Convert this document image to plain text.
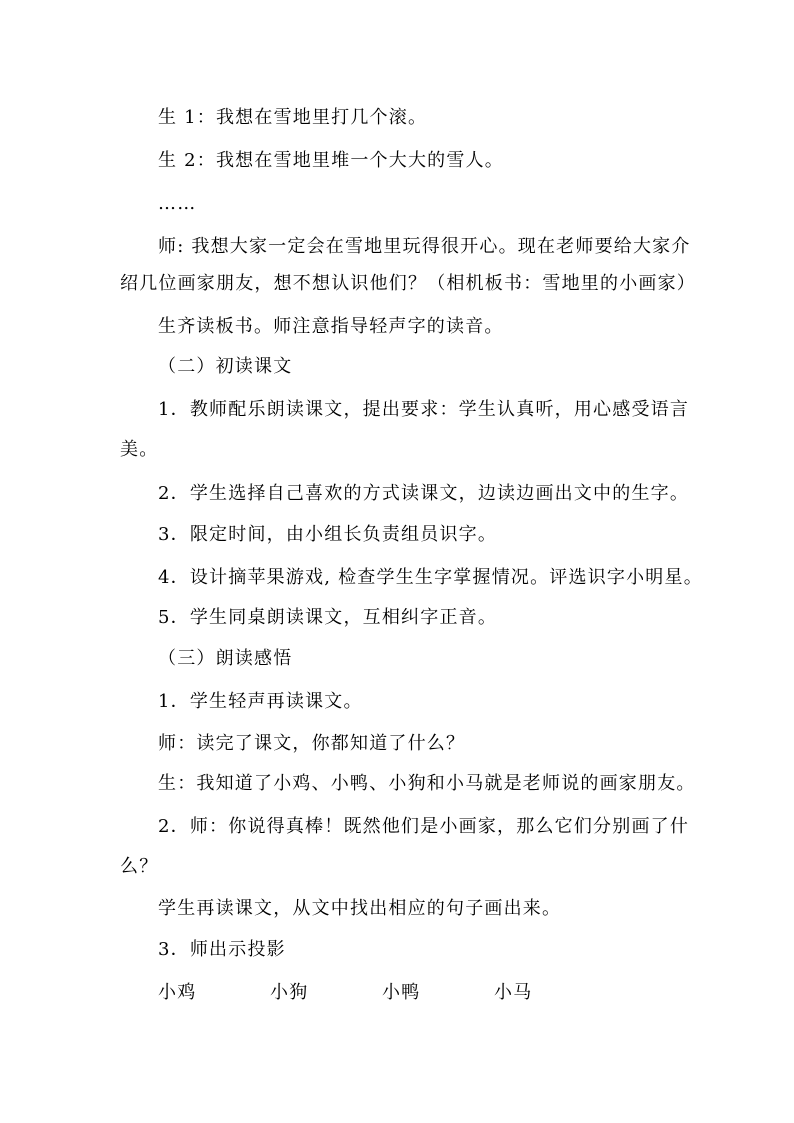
生 1：我想在雪地里打几个滚。
生 2：我想在雪地里堆一个大大的雪人。
……
师: 我想大家一定会在雪地里玩得很开心。现在老师要给大家介
绍几位画家朋友，想不想认识他们？（相机板书：雪地里的小画家）
生齐读板书。师注意指导轻声字的读音。
（二）初读课文
1．教师配乐朗读课文，提出要求：学生认真听，用心感受语言
美。
2．学生选择自己喜欢的方式读课文，边读边画出文中的生字。
3．限定时间，由小组长负责组员识字。
4．设计摘苹果游戏, 检查学生生字掌握情况。评选识字小明星。
5．学生同桌朗读课文，互相纠字正音。
（三）朗读感悟
1．学生轻声再读课文。
师：读完了课文，你都知道了什么？
生：我知道了小鸡、小鸭、小狗和小马就是老师说的画家朋友。
2．师：你说得真棒！既然他们是小画家，那么它们分别画了什
么？
学生再读课文，从文中找出相应的句子画出来。
3．师出示投影
小鸡	小狗	小鸭	小马
